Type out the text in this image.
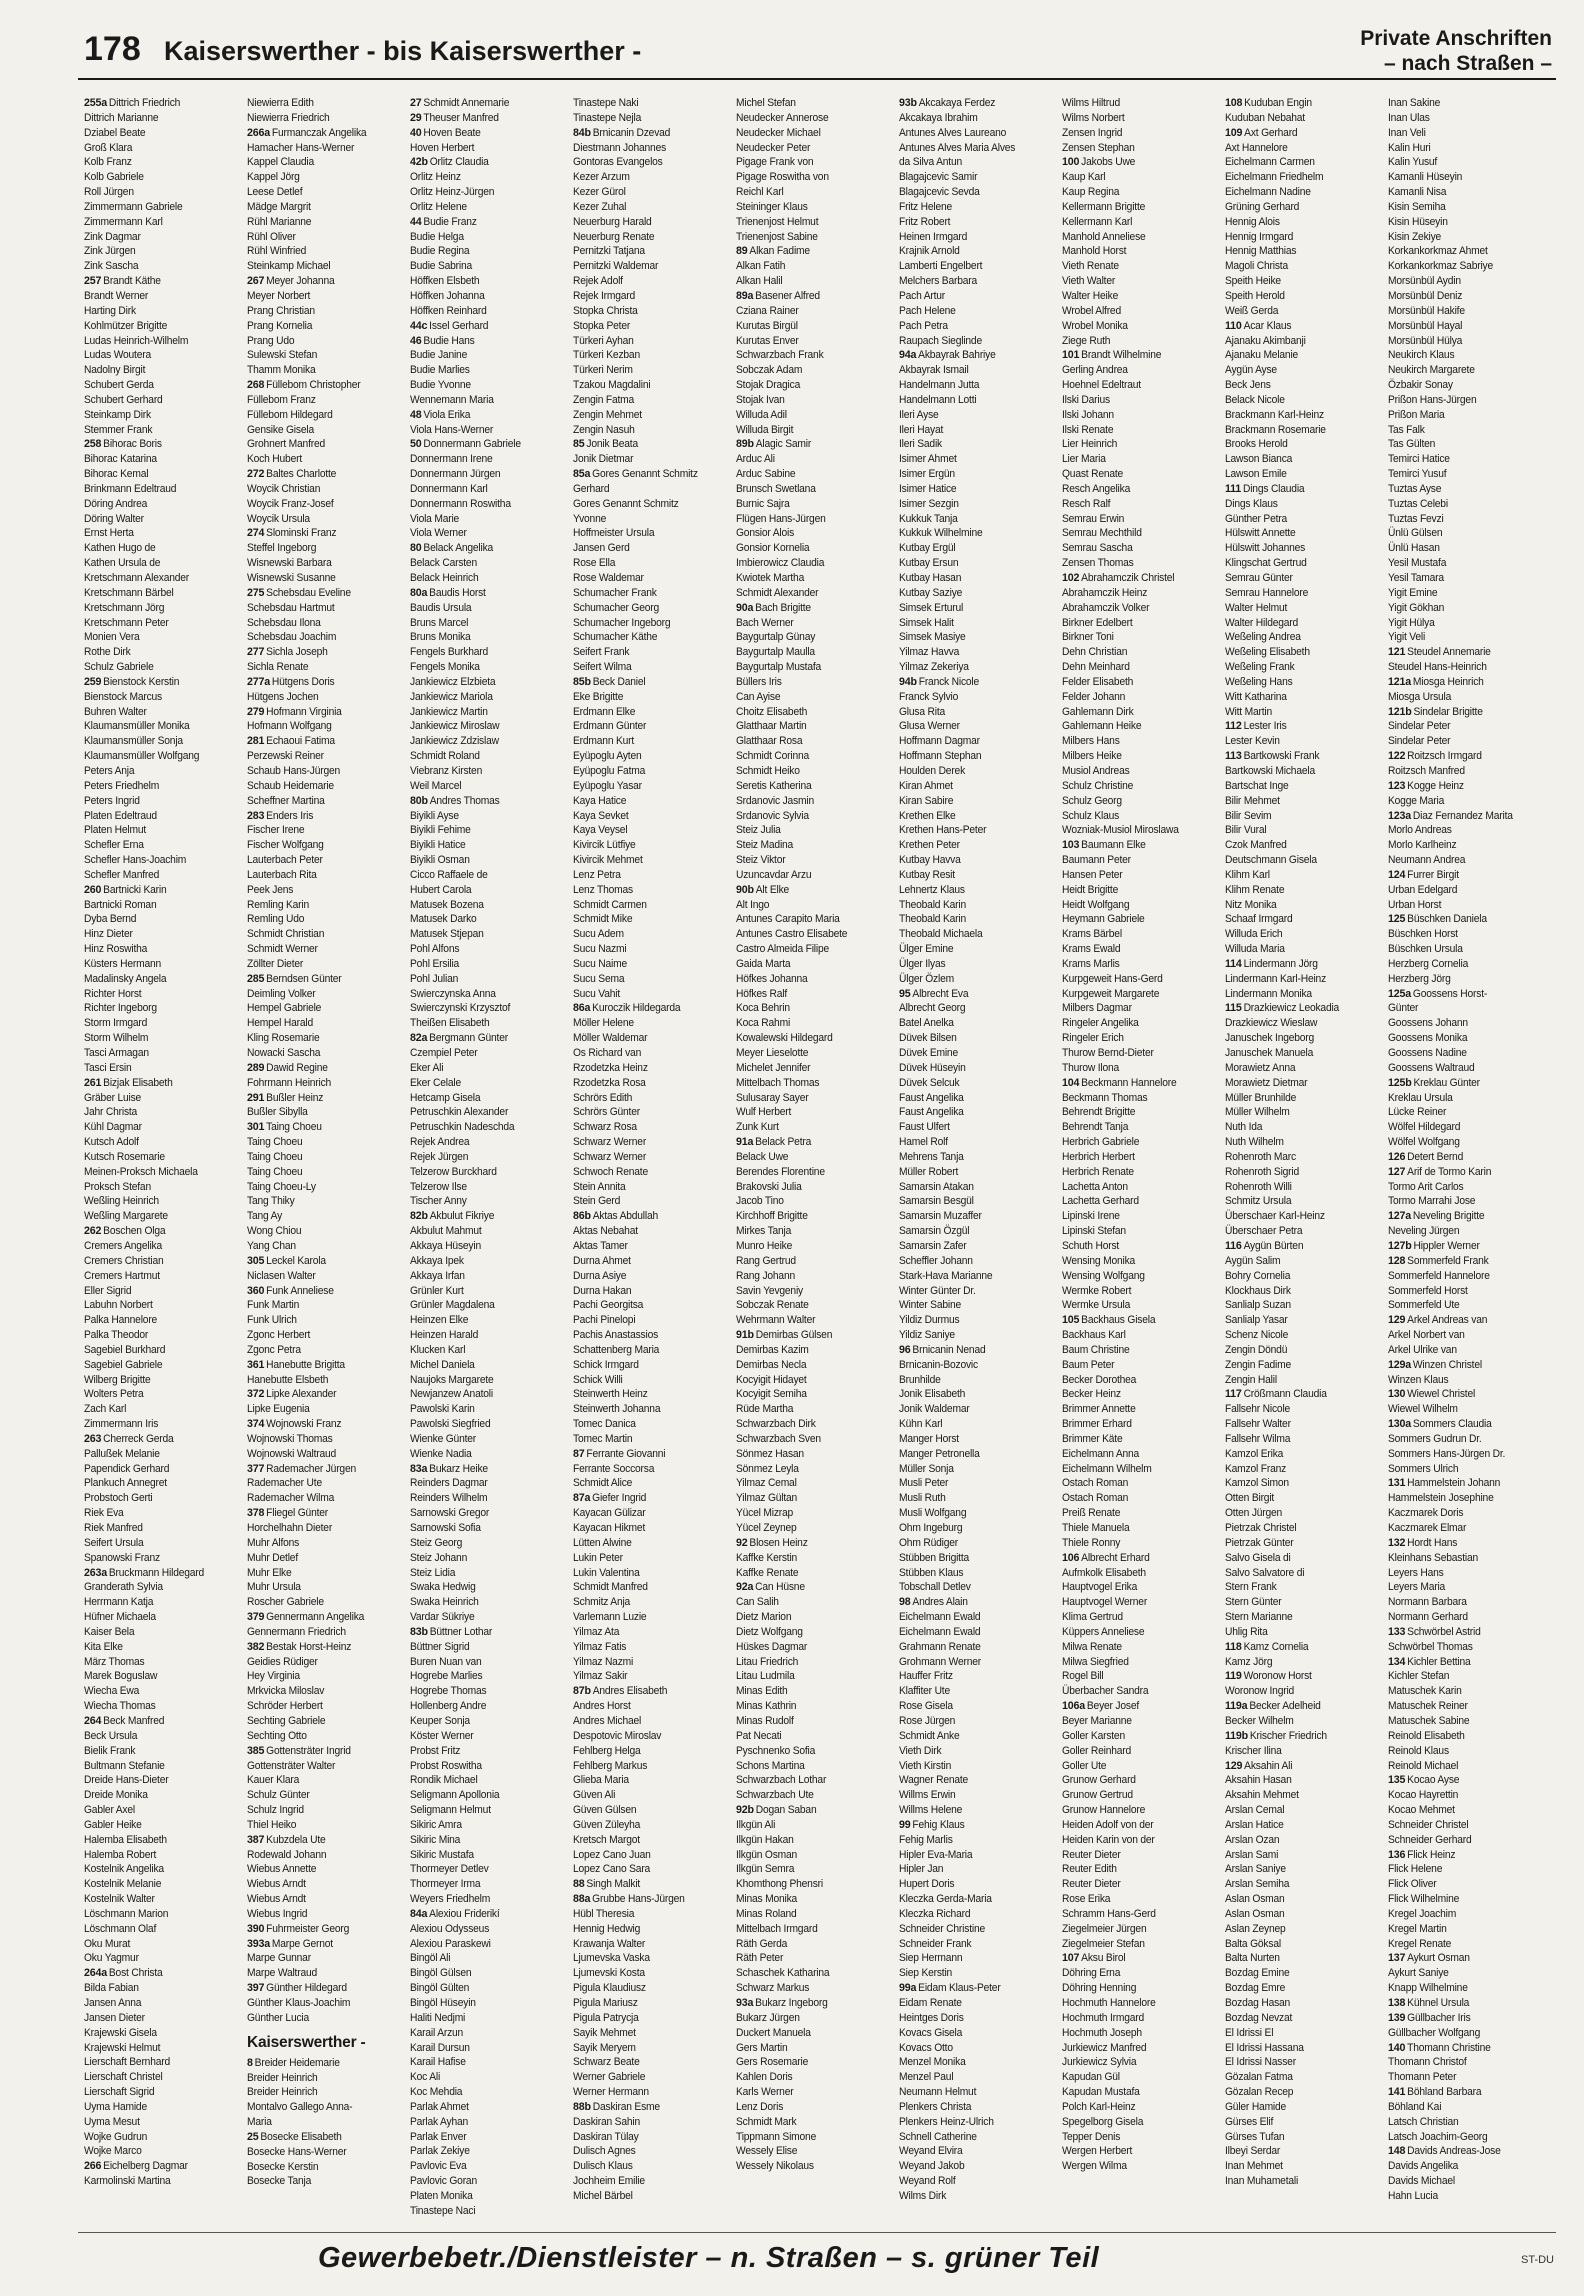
178 Kaiserswerther - bis Kaiserswerther -	Private Anschriften
– nach Straßen –
255a Dittrich Friedrich
Dittrich Marianne
Dziabel Beate
Groß Klara
Kolb Franz
Kolb Gabriele
Roll Jürgen
Zimmermann Gabriele
Zimmermann Karl
Zink Dagmar
Zink Jürgen
Zink Sascha
257 Brandt Käthe
Brandt Werner
Harting Dirk
Kohlmützer Brigitte
Ludas Heinrich-Wilhelm
Ludas Woutera
Nadolny Birgit
Schubert Gerda
Schubert Gerhard
Steinkamp Dirk
Stemmer Frank
258 Bihorac Boris
Bihorac Katarina
Bihorac Kemal
Brinkmann Edeltraud
Döring Andrea
Döring Walter
Ernst Herta
Kathen Hugo de
Kathen Ursula de
Kretschmann Alexander
Kretschmann Bärbel
Kretschmann Jörg
Kretschmann Peter
Monien Vera
Rothe Dirk
Schulz Gabriele
259 Bienstock Kerstin
Bienstock Marcus
Buhren Walter
Klaumansmüller Monika
Klaumansmüller Sonja
Klaumansmüller Wolfgang
Peters Anja
Peters Friedhelm
Peters Ingrid
Platen Edeltraud
Platen Helmut
Schefler Erna
Schefler Hans-Joachim
Schefler Manfred
260 Bartnicki Karin
Bartnicki Roman
Dyba Bernd
Hinz Dieter
Hinz Roswitha
Küsters Hermann
Madalinsky Angela
Richter Horst
Richter Ingeborg
Storm Irmgard
Storm Wilhelm
Tasci Armagan
Tasci Ersin
261 Bizjak Elisabeth
Gräber Luise
Jahr Christa
Kühl Dagmar
Kutsch Adolf
Kutsch Rosemarie
Meinen-Proksch Michaela
Proksch Stefan
Weßling Heinrich
Weßling Margarete
262 Boschen Olga
Cremers Angelika
Cremers Christian
Cremers Hartmut
Eller Sigrid
Labuhn Norbert
Palka Hannelore
Palka Theodor
Sagebiel Burkhard
Sagebiel Gabriele
Wilberg Brigitte
Wolters Petra
Zach Karl
Zimmermann Iris
263 Cherreck Gerda
Pallußek Melanie
Papendick Gerhard
Plankuch Annegret
Probstoch Gerti
Riek Eva
Riek Manfred
Seifert Ursula
Spanowski Franz
263a Bruckmann Hildegard
Granderath Sylvia
Herrmann Katja
Hüfner Michaela
Kaiser Bela
Kita Elke
März Thomas
Marek Boguslaw
Wiecha Ewa
Wiecha Thomas
264 Beck Manfred
Beck Ursula
Bielik Frank
Bultmann Stefanie
Dreide Hans-Dieter
Dreide Monika
Gabler Axel
Gabler Heike
Halemba Elisabeth
Halemba Robert
Kostelnik Angelika
Kostelnik Melanie
Kostelnik Walter
Löschmann Marion
Löschmann Olaf
Oku Murat
Oku Yagmur
264a Bost Christa
Bilda Fabian
Jansen Anna
Jansen Dieter
Krajewski Gisela
Krajewski Helmut
Lierschaft Bernhard
Lierschaft Christel
Lierschaft Sigrid
Uyma Hamide
Uyma Mesut
Wojke Gudrun
Wojke Marco
266 Eichelberg Dagmar
Karmolinski Martina
Niewierra Edith
Niewierra Friedrich
266a Furmanczak Angelika
Hamacher Hans-Werner
Kappel Claudia
Kappel Jörg
Leese Detlef
Mädge Margrit
Rühl Marianne
Rühl Oliver
Rühl Winfried
Steinkamp Michael
267 Meyer Johanna
Meyer Norbert
Prang Christian
Prang Kornelia
Prang Udo
Sulewski Stefan
Thamm Monika
268 Füllebom Christopher
Füllebom Franz
Füllebom Hildegard
Gensike Gisela
Grohnert Manfred
Koch Hubert
272 Baltes Charlotte
Woycik Christian
Woycik Franz-Josef
Woycik Ursula
274 Slominski Franz
Steffel Ingeborg
Wisnewski Barbara
Wisnewski Susanne
275 Schebsdau Eveline
Schebsdau Hartmut
Schebsdau Ilona
Schebsdau Joachim
277 Sichla Joseph
Sichla Renate
277a Hütgens Doris
Hütgens Jochen
279 Hofmann Virginia
Hofmann Wolfgang
281 Echaoui Fatima
Perzewski Reiner
Schaub Hans-Jürgen
Schaub Heidemarie
Scheffner Martina
283 Enders Iris
Fischer Irene
Fischer Wolfgang
Lauterbach Peter
Lauterbach Rita
Peek Jens
Remling Karin
Remling Udo
Schmidt Christian
Schmidt Werner
Zöllter Dieter
285 Berndsen Günter
Deimling Volker
Hempel Gabriele
Hempel Harald
Kling Rosemarie
Nowacki Sascha
289 Dawid Regine
Fohrmann Heinrich
291 Bußler Heinz
Bußler Sibylla
301 Taing Choeu
Taing Choeu
Taing Choeu
Taing Choeu
Taing Choeu-Ly
Tang Thiky
Tang Ay
Wong Chiou
Yang Chan
305 Leckel Karola
Niclasen Walter
360 Funk Anneliese
Funk Martin
Funk Ulrich
Zgonc Herbert
Zgonc Petra
361 Hanebutte Brigitta
Hanebutte Elsbeth
372 Lipke Alexander
Lipke Eugenia
374 Wojnowski Franz
Wojnowski Thomas
Wojnowski Waltraud
377 Rademacher Jürgen
Rademacher Ute
Rademacher Wilma
378 Fliegel Günter
Horchelhahn Dieter
Muhr Alfons
Muhr Detlef
Muhr Elke
Muhr Ursula
Roscher Gabriele
379 Gennermann Angelika
Gennermann Friedrich
382 Bestak Horst-Heinz
Geidies Rüdiger
Hey Virginia
Mrkvicka Miloslav
Schröder Herbert
Sechting Gabriele
Sechting Otto
385 Gottensträter Ingrid
Gottensträter Walter
Kauer Klara
Schulz Günter
Schulz Ingrid
Thiel Heiko
387 Kubzdela Ute
Rodewald Johann
Wiebus Annette
Wiebus Arndt
Wiebus Arndt
Wiebus Ingrid
390 Fuhrmeister Georg
393a Marpe Gernot
Marpe Gunnar
Marpe Waltraud
397 Günther Hildegard
Günther Klaus-Joachim
Günther Lucia
Kaiserswerther -
8 Breider Heidemarie
Breider Heinrich
Breider Heinrich
Montalvo Gallego Anna-
Maria
25 Bosecke Elisabeth
Bosecke Hans-Werner
Bosecke Kerstin
Bosecke Tanja
27 Schmidt Annemarie
29 Theuser Manfred
40 Hoven Beate
Hoven Herbert
42b Orlitz Claudia
Orlitz Heinz
Orlitz Heinz-Jürgen
Orlitz Helene
44 Budie Franz
Budie Helga
Budie Regina
Budie Sabrina
Höffken Elsbeth
Höffken Johanna
Höffken Reinhard
44c Issel Gerhard
46 Budie Hans
Budie Janine
Budie Marlies
Budie Yvonne
Wennemann Maria
48 Viola Erika
Viola Hans-Werner
50 Donnermann Gabriele
Donnermann Irene
Donnermann Jürgen
Donnermann Karl
Donnermann Roswitha
Viola Marie
Viola Werner
80 Belack Angelika
Belack Carsten
Belack Heinrich
80a Baudis Horst
Baudis Ursula
Bruns Marcel
Bruns Monika
Fengels Burkhard
Fengels Monika
Jankiewicz Elzbieta
Jankiewicz Mariola
Jankiewicz Martin
Jankiewicz Miroslaw
Jankiewicz Zdzislaw
Schmidt Roland
Viebranz Kirsten
Weil Marcel
80b Andres Thomas
Biyikli Ayse
Biyikli Fehime
Biyikli Hatice
Biyikli Osman
Cicco Raffaele de
Hubert Carola
Matusek Bozena
Matusek Darko
Matusek Stjepan
Pohl Alfons
Pohl Ersilia
Pohl Julian
Swierczynska Anna
Swierczynski Krzysztof
Theißen Elisabeth
82a Bergmann Günter
Czempiel Peter
Eker Ali
Eker Celale
Hetcamp Gisela
Petruschkin Alexander
Petruschkin Nadeschda
Rejek Andrea
Rejek Jürgen
Telzerow Burckhard
Telzerow Ilse
Tischer Anny
82b Akbulut Fikriye
Akbulut Mahmut
Akkaya Hüseyin
Akkaya Ipek
Akkaya Irfan
Grünler Kurt
Grünler Magdalena
Heinzen Elke
Heinzen Harald
Klucken Karl
Michel Daniela
Naujoks Margarete
Newjanzew Anatoli
Pawolski Karin
Pawolski Siegfried
Wienke Günter
Wienke Nadia
83a Bukarz Heike
Reinders Dagmar
Reinders Wilhelm
Sarnowski Gregor
Sarnowski Sofia
Steiz Georg
Steiz Johann
Steiz Lidia
Swaka Hedwig
Swaka Heinrich
Vardar Sükriye
83b Büttner Lothar
Büttner Sigrid
Buren Nuan van
Hogrebe Marlies
Hogrebe Thomas
Hollenberg Andre
Keuper Sonja
Köster Werner
Probst Fritz
Probst Roswitha
Rondik Michael
Seligmann Apollonia
Seligmann Helmut
Sikiric Amra
Sikiric Mina
Sikiric Mustafa
Thormeyer Detlev
Thormeyer Irma
Weyers Friedhelm
84a Alexiou Friderikí
Alexiou Odysseus
Alexiou Paraskewi
Bingöl Ali
Bingöl Gülsen
Bingöl Gülten
Bingöl Hüseyin
Haliti Nedjmi
Karail Arzun
Karail Dursun
Karail Hafise
Koc Ali
Koc Mehdia
Parlak Ahmet
Parlak Ayhan
Parlak Enver
Parlak Zekiye
Pavlovic Eva
Pavlovic Goran
Platen Monika
Tinastepe Naci
Tinastepe Naki
Tinastepe Nejla
84b Brnicanin Dzevad
Diestmann Johannes
Gontoras Evangelos
Kezer Arzum
Kezer Gürol
Kezer Zuhal
Neuerburg Harald
Neuerburg Renate
Pernitzki Tatjana
Pernitzki Waldemar
Rejek Adolf
Rejek Irmgard
Stopka Christa
Stopka Peter
Türkeri Ayhan
Türkeri Kezban
Türkeri Nerim
Tzakou Magdalini
Zengin Fatma
Zengin Mehmet
Zengin Nasuh
85 Jonik Beata
Jonik Dietmar
85a Gores Genannt Schmitz
Gerhard
Gores Genannt Schmitz
Yvonne
Hoffmeister Ursula
Jansen Gerd
Rose Ella
Rose Waldemar
Schumacher Frank
Schumacher Georg
Schumacher Ingeborg
Schumacher Käthe
Seifert Frank
Seifert Wilma
85b Beck Daniel
Eke Brigitte
Erdmann Elke
Erdmann Günter
Erdmann Kurt
Eyüpoglu Ayten
Eyüpoglu Fatma
Eyüpoglu Yasar
Kaya Hatice
Kaya Sevket
Kaya Veysel
Kivircik Lütfiye
Kivircik Mehmet
Lenz Petra
Lenz Thomas
Schmidt Carmen
Schmidt Mike
Sucu Adem
Sucu Nazmi
Sucu Naime
Sucu Sema
Sucu Vahit
86a Kuroczik Hildegarda
Möller Helene
Möller Waldemar
Os Richard van
Rzodetzka Heinz
Rzodetzka Rosa
Schrörs Edith
Schrörs Günter
Schwarz Rosa
Schwarz Werner
Schwarz Werner
Schwoch Renate
Stein Annita
Stein Gerd
86b Aktas Abdullah
Aktas Nebahat
Aktas Tamer
Durna Ahmet
Durna Asiye
Durna Hakan
Pachi Georgitsa
Pachi Pinelopi
Pachis Anastassios
Schattenberg Maria
Schick Irmgard
Schick Willi
Steinwerth Heinz
Steinwerth Johanna
Tomec Danica
Tomec Martin
87 Ferrante Giovanni
Ferrante Soccorsa
Schmidt Alice
87a Giefer Ingrid
Kayacan Gülizar
Kayacan Hikmet
Lütten Alwine
Lukin Peter
Lukin Valentina
Schmidt Manfred
Schmitz Anja
Varlemann Luzie
Yilmaz Ata
Yilmaz Fatis
Yilmaz Nazmi
Yilmaz Sakir
87b Andres Elisabeth
Andres Horst
Andres Michael
Despotovic Miroslav
Fehlberg Helga
Fehlberg Markus
Glieba Maria
Güven Ali
Güven Gülsen
Güven Züleyha
Kretsch Margot
Lopez Cano Juan
Lopez Cano Sara
88 Singh Malkit
88a Grubbe Hans-Jürgen
Hübl Theresia
Hennig Hedwig
Krawanja Walter
Ljumevska Vaska
Ljumevski Kosta
Pigula Klaudiusz
Pigula Mariusz
Pigula Patrycja
Sayik Mehmet
Sayik Meryem
Schwarz Beate
Werner Gabriele
Werner Hermann
88b Daskiran Esme
Daskiran Sahin
Daskiran Tülay
Dulisch Agnes
Dulisch Klaus
Jochheim Emilie
Michel Bärbel
Michel Stefan
Neudecker Annerose
Neudecker Michael
Neudecker Peter
Pigage Frank von
Pigage Roswitha von
Reichl Karl
Steininger Klaus
Trienenjost Helmut
Trienenjost Sabine
89 Alkan Fadime
Alkan Fatih
Alkan Halil
89a Basener Alfred
Cziana Rainer
Kurutas Birgül
Kurutas Enver
Schwarzbach Frank
Sobczak Adam
Stojak Dragica
Stojak Ivan
Willuda Adil
Willuda Birgit
89b Alagic Samir
Arduc Ali
Arduc Sabine
Brunsch Swetlana
Burnic Sajra
Flügen Hans-Jürgen
Gonsior Alois
Gonsior Kornelia
Imbierowicz Claudia
Kwiotek Martha
Schmidt Alexander
90a Bach Brigitte
Bach Werner
Baygurtalp Günay
Baygurtalp Maulla
Baygurtalp Mustafa
Büllers Iris
Can Ayise
Choitz Elisabeth
Glatthaar Martin
Glatthaar Rosa
Schmidt Corinna
Schmidt Heiko
Seretis Katherina
Srdanovic Jasmin
Srdanovic Sylvia
Steiz Julia
Steiz Madina
Steiz Viktor
Uzuncavdar Arzu
90b Alt Elke
Alt Ingo
Antunes Carapito Maria
Antunes Castro Elisabete
Castro Almeida Filipe
Gaida Marta
Höfkes Johanna
Höfkes Ralf
Koca Behrin
Koca Rahmi
Kowalewski Hildegard
Meyer Lieselotte
Michelet Jennifer
Mittelbach Thomas
Sulusaray Sayer
Wulf Herbert
Zunk Kurt
91a Belack Petra
Belack Uwe
Berendes Florentine
Brakovski Julia
Jacob Tino
Kirchhoff Brigitte
Mirkes Tanja
Munro Heike
Rang Gertrud
Rang Johann
Savin Yevgeniy
Sobczak Renate
Wehrmann Walter
91b Demirbas Gülsen
Demirbas Kazim
Demirbas Necla
Kocyigit Hidayet
Kocyigit Semiha
Rüde Martha
Schwarzbach Dirk
Schwarzbach Sven
Sönmez Hasan
Sönmez Leyla
Yilmaz Cemal
Yilmaz Gültan
Yücel Mizrap
Yücel Zeynep
92 Blosen Heinz
Kaffke Kerstin
Kaffke Renate
92a Can Hüsne
Can Salih
Dietz Marion
Dietz Wolfgang
Hüskes Dagmar
Litau Friedrich
Litau Ludmila
Minas Edith
Minas Kathrin
Minas Rudolf
Pat Necati
Pyschnenko Sofia
Schons Martina
Schwarzbach Lothar
Schwarzbach Ute
92b Dogan Saban
Ilkgün Ali
Ilkgün Hakan
Ilkgün Osman
Ilkgün Semra
Khomthong Phensri
Minas Monika
Minas Roland
Mittelbach Irmgard
Räth Gerda
Räth Peter
Schaschek Katharina
Schwarz Markus
93a Bukarz Ingeborg
Bukarz Jürgen
Duckert Manuela
Gers Martin
Gers Rosemarie
Kahlen Doris
Karls Werner
Lenz Doris
Schmidt Mark
Tippmann Simone
Wessely Elise
Wessely Nikolaus
93b Akcakaya Ferdez
Akcakaya Ibrahim
Antunes Alves Laureano
Antunes Alves Maria Alves
da Silva Antun
Blagajcevic Samir
Blagajcevic Sevda
Fritz Helene
Fritz Robert
Heinen Irmgard
Krajnik Arnold
Lamberti Engelbert
Melchers Barbara
Pach Artur
Pach Helene
Pach Petra
Raupach Sieglinde
94a Akbayrak Bahriye
Akbayrak Ismail
Handelmann Jutta
Handelmann Lotti
Ileri Ayse
Ileri Hayat
Ileri Sadik
Isimer Ahmet
Isimer Ergün
Isimer Hatice
Isimer Sezgin
Kukkuk Tanja
Kukkuk Wilhelmine
Kutbay Ergül
Kutbay Ersun
Kutbay Hasan
Kutbay Saziye
Simsek Erturul
Simsek Halit
Simsek Masiye
Yilmaz Havva
Yilmaz Zekeriya
94b Franck Nicole
Franck Sylvio
Glusa Rita
Glusa Werner
Hoffmann Dagmar
Hoffmann Stephan
Houlden Derek
Kiran Ahmet
Kiran Sabire
Krethen Elke
Krethen Hans-Peter
Krethen Peter
Kutbay Havva
Kutbay Resit
Lehnertz Klaus
Theobald Karin
Theobald Karin
Theobald Michaela
Ülger Emine
Ülger Ilyas
Ülger Özlem
95 Albrecht Eva
Albrecht Georg
Batel Anelka
Düvek Bilsen
Düvek Emine
Düvek Hüseyin
Düvek Selcuk
Faust Angelika
Faust Angelika
Faust Ulfert
Hamel Rolf
Mehrens Tanja
Müller Robert
Samarsin Atakan
Samarsin Besgül
Samarsin Muzaffer
Samarsin Özgül
Samarsin Zafer
Scheffler Johann
Stark-Hava Marianne
Winter Günter Dr.
Winter Sabine
Yildiz Durmus
Yildiz Saniye
96 Brnicanin Nenad
Brnicanin-Bozovic
Brunhilde
Jonik Elisabeth
Jonik Waldemar
Kühn Karl
Manger Horst
Manger Petronella
Müller Sonja
Musli Peter
Musli Ruth
Musli Wolfgang
Ohm Ingeburg
Ohm Rüdiger
Stübben Brigitta
Stübben Klaus
Tobschall Detlev
98 Andres Alain
Eichelmann Ewald
Eichelmann Ewald
Grahmann Renate
Grohmann Werner
Hauffer Fritz
Klaffiter Ute
Rose Gisela
Rose Jürgen
Schmidt Anke
Vieth Dirk
Vieth Kirstin
Wagner Renate
Willms Erwin
Willms Helene
99 Fehig Klaus
Fehig Marlis
Hipler Eva-Maria
Hipler Jan
Hupert Doris
Kleczka Gerda-Maria
Kleczka Richard
Schneider Christine
Schneider Frank
Siep Hermann
Siep Kerstin
99a Eidam Klaus-Peter
Eidam Renate
Heintges Doris
Kovacs Gisela
Kovacs Otto
Menzel Monika
Menzel Paul
Neumann Helmut
Plenkers Christa
Plenkers Heinz-Ulrich
Schnell Catherine
Weyand Elvira
Weyand Jakob
Weyand Rolf
Wilms Dirk
Wilms Hiltrud
Wilms Norbert
Zensen Ingrid
Zensen Stephan
100 Jakobs Uwe
Kaup Karl
Kaup Regina
Kellermann Brigitte
Kellermann Karl
Manhold Anneliese
Manhold Horst
Vieth Renate
Vieth Walter
Walter Heike
Wrobel Alfred
Wrobel Monika
Ziege Ruth
101 Brandt Wilhelmine
Gerling Andrea
Hoehnel Edeltraut
Ilski Darius
Ilski Johann
Ilski Renate
Lier Heinrich
Lier Maria
Quast Renate
Resch Angelika
Resch Ralf
Semrau Erwin
Semrau Mechthild
Semrau Sascha
Zensen Thomas
102 Abrahamczik Christel
Abrahamczik Heinz
Abrahamczik Volker
Birkner Edelbert
Birkner Toni
Dehn Christian
Dehn Meinhard
Felder Elisabeth
Felder Johann
Gahlemann Dirk
Gahlemann Heike
Milbers Hans
Milbers Heike
Musiol Andreas
Schulz Christine
Schulz Georg
Schulz Klaus
Wozniak-Musiol Miroslawa
103 Baumann Elke
Baumann Peter
Hansen Peter
Heidt Brigitte
Heidt Wolfgang
Heymann Gabriele
Krams Bärbel
Krams Ewald
Krams Marlis
Kurpgeweit Hans-Gerd
Kurpgeweit Margarete
Milbers Dagmar
Ringeler Angelika
Ringeler Erich
Thurow Bernd-Dieter
Thurow Ilona
104 Beckmann Hannelore
Beckmann Thomas
Behrendt Brigitte
Behrendt Tanja
Herbrich Gabriele
Herbrich Herbert
Herbrich Renate
Lachetta Anton
Lachetta Gerhard
Lipinski Irene
Lipinski Stefan
Schuth Horst
Wensing Monika
Wensing Wolfgang
Wermke Robert
Wermke Ursula
105 Backhaus Gisela
Backhaus Karl
Baum Christine
Baum Peter
Becker Dorothea
Becker Heinz
Brimmer Annette
Brimmer Erhard
Brimmer Käte
Eichelmann Anna
Eichelmann Wilhelm
Ostach Roman
Ostach Roman
Preiß Renate
Thiele Manuela
Thiele Ronny
106 Albrecht Erhard
Aufmkolk Elisabeth
Hauptvogel Erika
Hauptvogel Werner
Klima Gertrud
Küppers Anneliese
Milwa Renate
Milwa Siegfried
Rogel Bill
Überbacher Sandra
106a Beyer Josef
Beyer Marianne
Goller Karsten
Goller Reinhard
Goller Ute
Grunow Gerhard
Grunow Gertrud
Grunow Hannelore
Heiden Adolf von der
Heiden Karin von der
Reuter Dieter
Reuter Edith
Reuter Dieter
Rose Erika
Schramm Hans-Gerd
Ziegelmeier Jürgen
Ziegelmeier Stefan
107 Aksu Birol
Döhring Erna
Döhring Henning
Hochmuth Hannelore
Hochmuth Irmgard
Hochmuth Joseph
Jurkiewicz Manfred
Jurkiewicz Sylvia
Kapudan Gül
Kapudan Mustafa
Polch Karl-Heinz
Spegelborg Gisela
Tepper Denis
Wergen Herbert
Wergen Wilma
108 Kuduban Engin
Kuduban Nebahat
109 Axt Gerhard
Axt Hannelore
Eichelmann Carmen
Eichelmann Friedhelm
Eichelmann Nadine
Grüning Gerhard
Hennig Alois
Hennig Irmgard
Hennig Matthias
Magoli Christa
Speith Heike
Speith Herold
Weiß Gerda
110 Acar Klaus
Ajanaku Akimbanji
Ajanaku Melanie
Aygün Ayse
Beck Jens
Belack Nicole
Brackmann Karl-Heinz
Brackmann Rosemarie
Brooks Herold
Lawson Bianca
Lawson Emile
111 Dings Claudia
Dings Klaus
Günther Petra
Hülswitt Annette
Hülswitt Johannes
Klingschat Gertrud
Semrau Günter
Semrau Hannelore
Walter Helmut
Walter Hildegard
Weßeling Andrea
Weßeling Elisabeth
Weßeling Frank
Weßeling Hans
Witt Katharina
Witt Martin
112 Lester Iris
Lester Kevin
113 Bartkowski Frank
Bartkowski Michaela
Bartschat Inge
Bilir Mehmet
Bilir Sevim
Bilir Vural
Czok Manfred
Deutschmann Gisela
Klihm Karl
Klihm Renate
Nitz Monika
Schaaf Irmgard
Willuda Erich
Willuda Maria
114 Lindermann Jörg
Lindermann Karl-Heinz
Lindermann Monika
115 Drazkiewicz Leokadia
Drazkiewicz Wieslaw
Januschek Ingeborg
Januschek Manuela
Morawietz Anna
Morawietz Dietmar
Müller Brunhilde
Müller Wilhelm
Nuth Ida
Nuth Wilhelm
Rohenroth Marc
Rohenroth Sigrid
Rohenroth Willi
Schmitz Ursula
Überschaer Karl-Heinz
Überschaer Petra
116 Aygün Bürten
Aygün Salim
Bohry Cornelia
Klockhaus Dirk
Sanlialp Suzan
Sanlialp Yasar
Schenz Nicole
Zengin Döndü
Zengin Fadime
Zengin Halil
117 Crößmann Claudia
Fallsehr Nicole
Fallsehr Walter
Fallsehr Wilma
Kamzol Erika
Kamzol Franz
Kamzol Simon
Otten Birgit
Otten Jürgen
Pietrzak Christel
Pietrzak Günter
Salvo Gisela di
Salvo Salvatore di
Stern Frank
Stern Günter
Stern Marianne
Uhlig Rita
118 Kamz Cornelia
Kamz Jörg
119 Woronow Horst
Woronow Ingrid
119a Becker Adelheid
Becker Wilhelm
119b Krischer Friedrich
Krischer Ilina
129 Aksahin Ali
Aksahin Hasan
Aksahin Mehmet
Arslan Cemal
Arslan Hatice
Arslan Ozan
Arslan Sami
Arslan Saniye
Arslan Semiha
Aslan Osman
Aslan Osman
Aslan Zeynep
Balta Göksal
Balta Nurten
Bozdag Emine
Bozdag Emre
Bozdag Hasan
Bozdag Nevzat
El Idrissi El
El Idrissi Hassana
El Idrissi Nasser
Gözalan Fatma
Gözalan Recep
Güler Hamide
Gürses Elif
Gürses Tufan
Ilbeyi Serdar
Inan Mehmet
Inan Muhametali
Inan Sakine
Inan Ulas
Inan Veli
Kalin Huri
Kalin Yusuf
Kamanli Hüseyin
Kamanli Nisa
Kisin Semiha
Kisin Hüseyin
Kisin Zekiye
Korkankorkmaz Ahmet
Korkankorkmaz Sabriye
Morsünbül Aydin
Morsünbül Deniz
Morsünbül Hakife
Morsünbül Hayal
Morsünbül Hülya
Neukirch Klaus
Neukirch Margarete
Özbakir Sonay
Prißon Hans-Jürgen
Prißon Maria
Tas Falk
Tas Gülten
Temirci Hatice
Temirci Yusuf
Tuztas Ayse
Tuztas Celebi
Tuztas Fevzi
Ünlü Gülsen
Ünlü Hasan
Yesil Mustafa
Yesil Tamara
Yigit Emine
Yigit Gökhan
Yigit Hülya
Yigit Veli
121 Steudel Annemarie
Steudel Hans-Heinrich
121a Miosga Heinrich
Miosga Ursula
121b Sindelar Brigitte
Sindelar Peter
Sindelar Peter
122 Roitzsch Irmgard
Roitzsch Manfred
123 Kogge Heinz
Kogge Maria
123a Diaz Fernandez Marita
Morlo Andreas
Morlo Karlheinz
Neumann Andrea
124 Furrer Birgit
Urban Edelgard
Urban Horst
125 Büschken Daniela
Büschken Horst
Büschken Ursula
Herzberg Cornelia
Herzberg Jörg
125a Goossens Horst-
Günter
Goossens Johann
Goossens Monika
Goossens Nadine
Goossens Waltraud
125b Kreklau Günter
Kreklau Ursula
Lücke Reiner
Wölfel Hildegard
Wölfel Wolfgang
126 Detert Bernd
127 Arif de Tormo Karin
Tormo Arit Carlos
Tormo Marrahi Jose
127a Neveling Brigitte
Neveling Jürgen
127b Hippler Werner
128 Sommerfeld Frank
Sommerfeld Hannelore
Sommerfeld Horst
Sommerfeld Ute
129 Arkel Andreas van
Arkel Norbert van
Arkel Ulrike van
129a Winzen Christel
Winzen Klaus
130 Wiewel Christel
Wiewel Wilhelm
130a Sommers Claudia
Sommers Gudrun Dr.
Sommers Hans-Jürgen Dr.
Sommers Ulrich
131 Hammelstein Johann
Hammelstein Josephine
Kaczmarek Doris
Kaczmarek Elmar
132 Hordt Hans
Kleinhans Sebastian
Leyers Hans
Leyers Maria
Normann Barbara
Normann Gerhard
133 Schwörbel Astrid
Schwörbel Thomas
134 Kichler Bettina
Kichler Stefan
Matuschek Karin
Matuschek Reiner
Matuschek Sabine
Reinold Elisabeth
Reinold Klaus
Reinold Michael
135 Kocao Ayse
Kocao Hayrettin
Kocao Mehmet
Schneider Christel
Schneider Gerhard
136 Flick Heinz
Flick Helene
Flick Oliver
Flick Wilhelmine
Kregel Joachim
Kregel Martin
Kregel Renate
137 Aykurt Osman
Aykurt Saniye
Knapp Wilhelmine
138 Kühnel Ursula
139 Güllbacher Iris
Güllbacher Wolfgang
140 Thomann Christine
Thomann Christof
Thomann Peter
141 Böhland Barbara
Böhland Kai
Latsch Christian
Latsch Joachim-Georg
148 Davids Andreas-Jose
Davids Angelika
Davids Michael
Hahn Lucia
Gewerbebetr./Dienstleister – n. Straßen – s. grüner Teil	ST-DU
